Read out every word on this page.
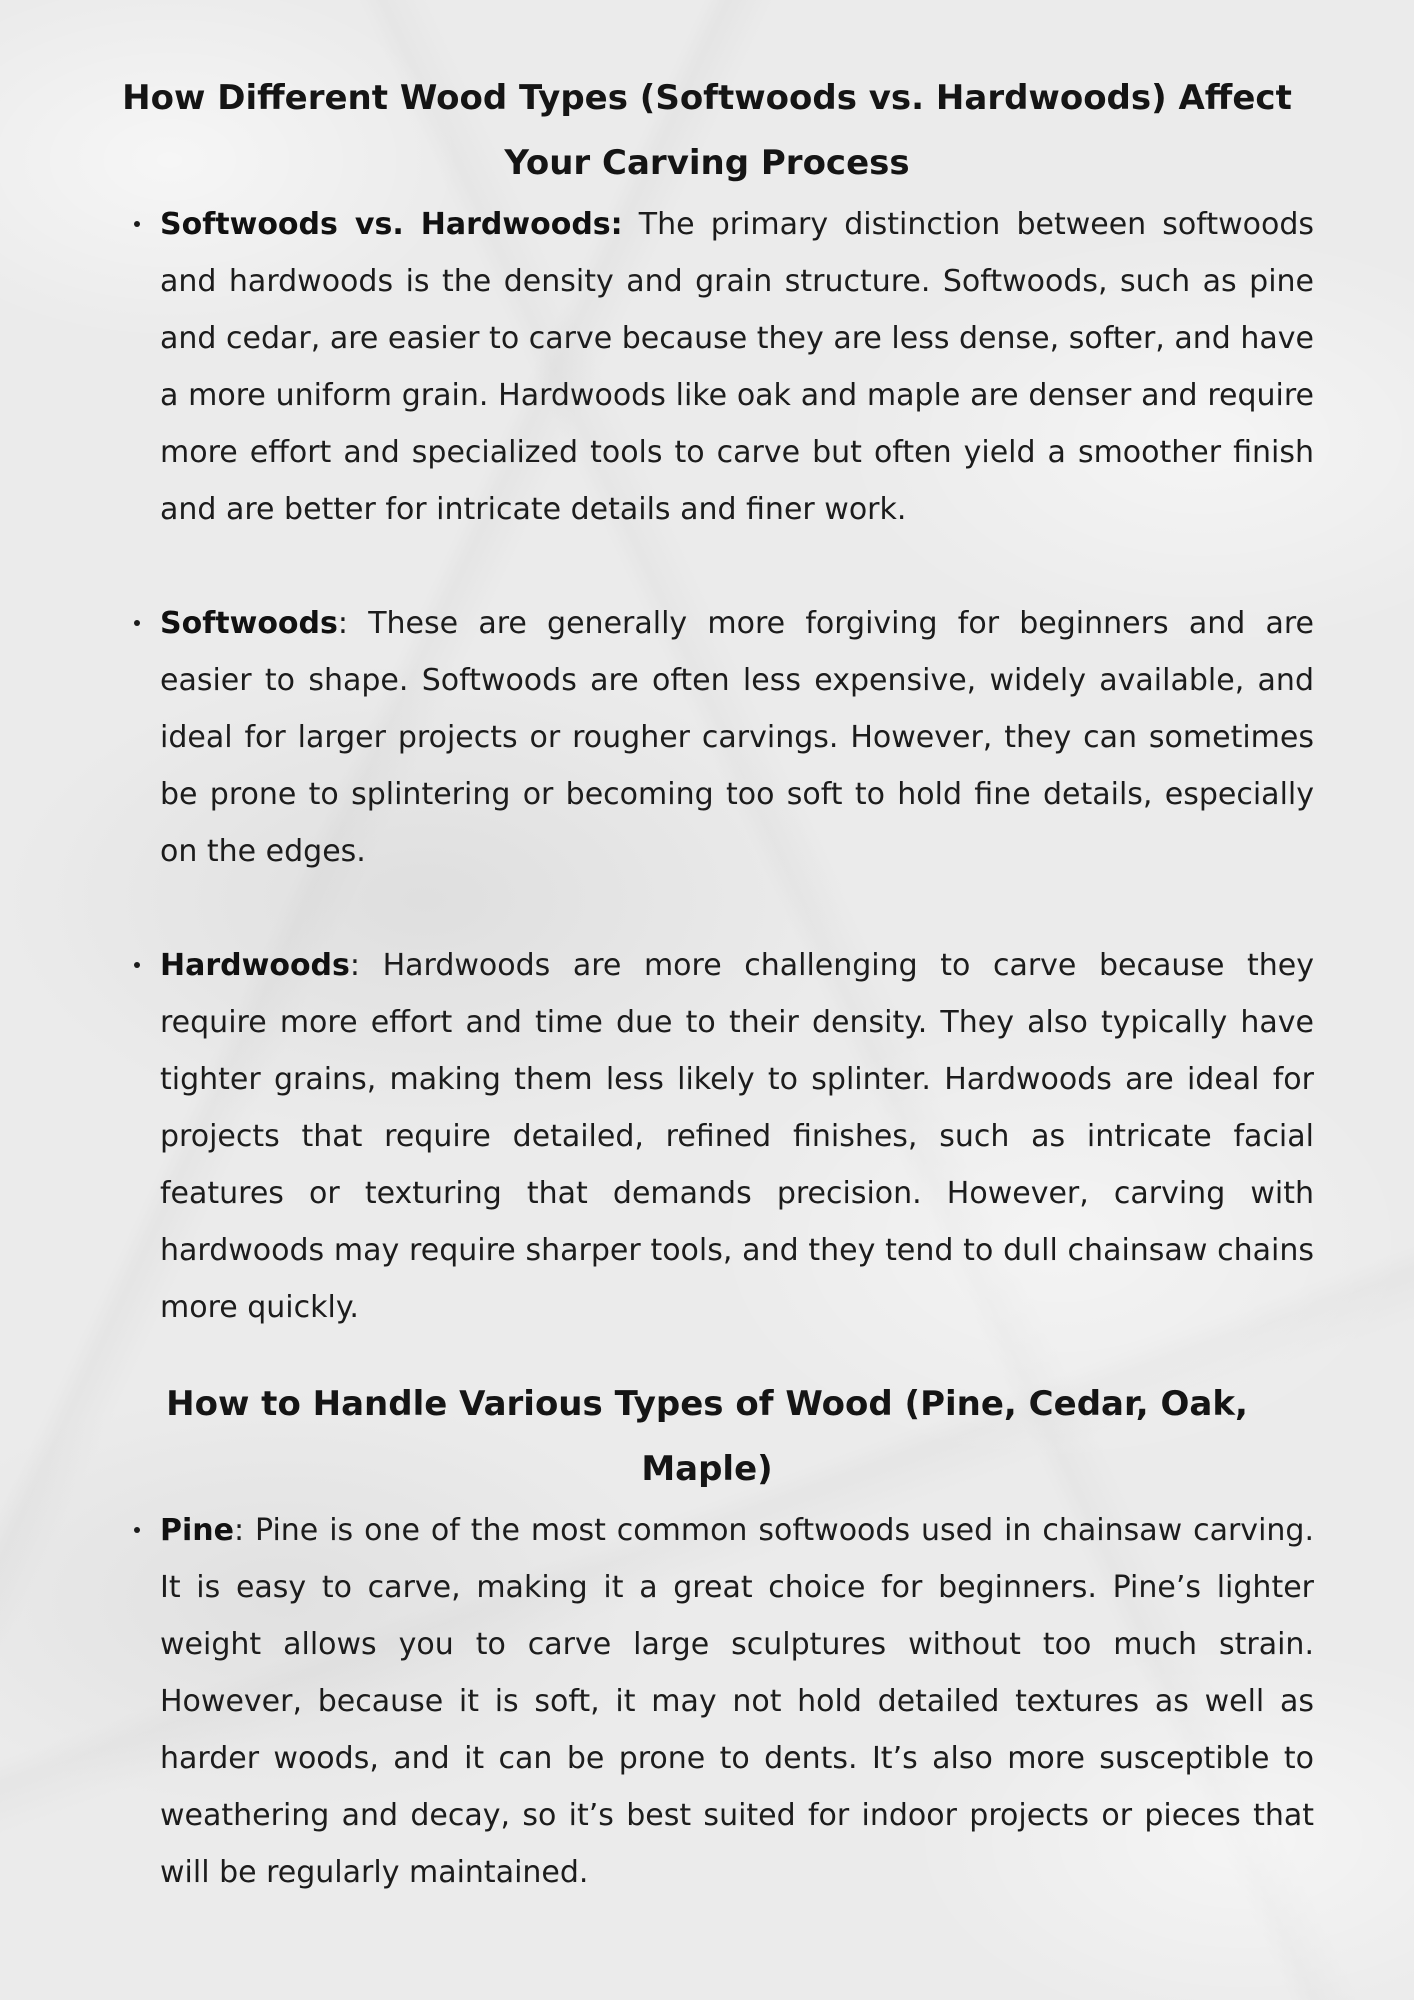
How Different Wood Types (Softwoods vs. Hardwoods) Affect Your Carving Process
Softwoods vs. Hardwoods: The primary distinction between softwoods and hardwoods is the density and grain structure. Softwoods, such as pine and cedar, are easier to carve because they are less dense, softer, and have a more uniform grain. Hardwoods like oak and maple are denser and require more effort and specialized tools to carve but often yield a smoother finish and are better for intricate details and finer work.
Softwoods: These are generally more forgiving for beginners and are easier to shape. Softwoods are often less expensive, widely available, and ideal for larger projects or rougher carvings. However, they can sometimes be prone to splintering or becoming too soft to hold fine details, especially on the edges.
Hardwoods: Hardwoods are more challenging to carve because they require more effort and time due to their density. They also typically have tighter grains, making them less likely to splinter. Hardwoods are ideal for projects that require detailed, refined finishes, such as intricate facial features or texturing that demands precision. However, carving with hardwoods may require sharper tools, and they tend to dull chainsaw chains more quickly.
How to Handle Various Types of Wood (Pine, Cedar, Oak, Maple)
Pine: Pine is one of the most common softwoods used in chainsaw carving. It is easy to carve, making it a great choice for beginners. Pine’s lighter weight allows you to carve large sculptures without too much strain. However, because it is soft, it may not hold detailed textures as well as harder woods, and it can be prone to dents. It’s also more susceptible to weathering and decay, so it’s best suited for indoor projects or pieces that will be regularly maintained.
